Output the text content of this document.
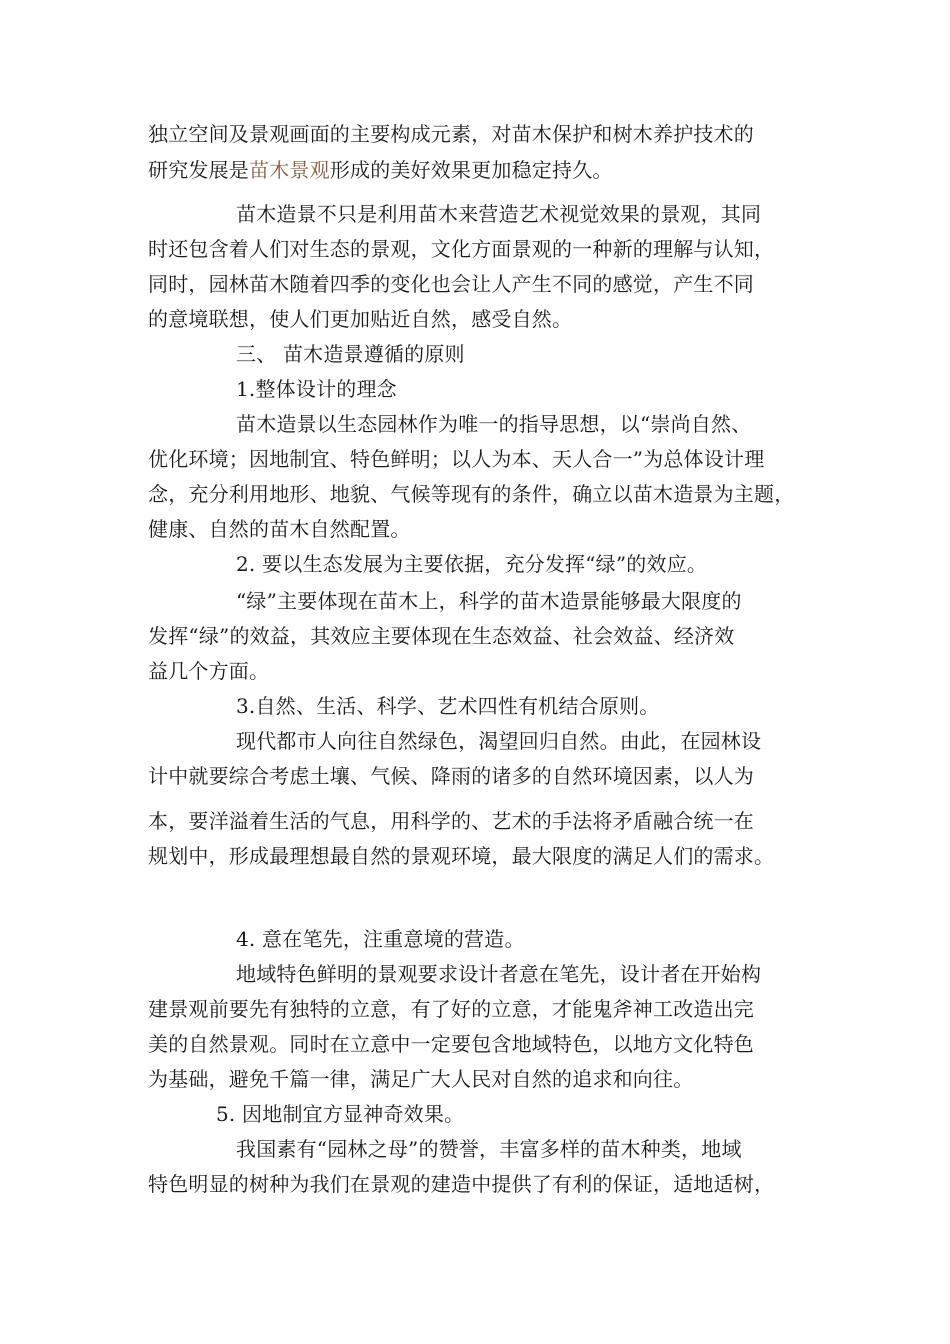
独立空间及景观画面的主要构成元素，对苗木保护和树木养护技术的
研究发展是苗木景观形成的美好效果更加稳定持久。
苗木造景不只是利用苗木来营造艺术视觉效果的景观，其同
时还包含着人们对生态的景观，文化方面景观的一种新的理解与认知，
同时，园林苗木随着四季的变化也会让人产生不同的感觉，产生不同
的意境联想，使人们更加贴近自然，感受自然。
三、 苗木造景遵循的原则
1.整体设计的理念
苗木造景以生态园林作为唯一的指导思想，以“崇尚自然、
优化环境；因地制宜、特色鲜明；以人为本、天人合一”为总体设计理
念，充分利用地形、地貌、气候等现有的条件，确立以苗木造景为主题，
健康、自然的苗木自然配置。
2. 要以生态发展为主要依据，充分发挥“绿”的效应。
“绿”主要体现在苗木上，科学的苗木造景能够最大限度的
发挥“绿”的效益，其效应主要体现在生态效益、社会效益、经济效
益几个方面。
3.自然、生活、科学、艺术四性有机结合原则。
现代都市人向往自然绿色，渴望回归自然。由此，在园林设
计中就要综合考虑土壤、气候、降雨的诸多的自然环境因素，以人为
本，要洋溢着生活的气息，用科学的、艺术的手法将矛盾融合统一在
规划中，形成最理想最自然的景观环境，最大限度的满足人们的需求。
4. 意在笔先，注重意境的营造。
地域特色鲜明的景观要求设计者意在笔先，设计者在开始构
建景观前要先有独特的立意，有了好的立意，才能鬼斧神工改造出完
美的自然景观。同时在立意中一定要包含地域特色，以地方文化特色
为基础，避免千篇一律，满足广大人民对自然的追求和向往。
5. 因地制宜方显神奇效果。
我国素有“园林之母”的赞誉，丰富多样的苗木种类，地域
特色明显的树种为我们在景观的建造中提供了有利的保证，适地适树，
